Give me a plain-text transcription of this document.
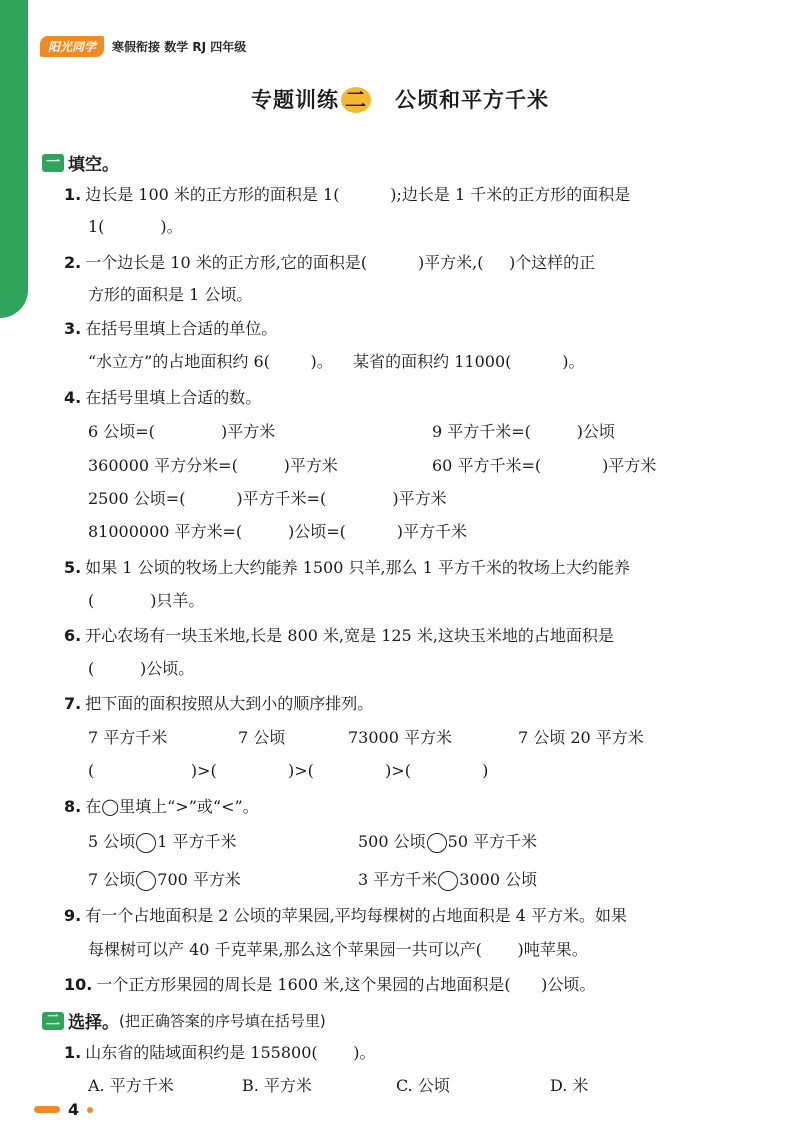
阳光同学	寒假衔接 数学 RJ 四年级
专题训练 二 公顷和平方千米
一 填空。
1. 边长是 100 米的正方形的面积是 1(          );边长是 1 千米的正方形的面积是
1(           )。
2. 一个边长是 10 米的正方形,它的面积是(          )平方米,(     )个这样的正
方形的面积是 1 公顷。
3. 在括号里填上合适的单位。
“水立方”的占地面积约 6(        )。    某省的面积约 11000(          )。
4. 在括号里填上合适的数。
6 公顷=(             )平方米	9 平方千米=(         )公顷
360000 平方分米=(         )平方米	60 平方千米=(            )平方米
2500 公顷=(          )平方千米=(             )平方米
81000000 平方米=(         )公顷=(          )平方千米
5. 如果 1 公顷的牧场上大约能养 1500 只羊,那么 1 平方千米的牧场上大约能养
(           )只羊。
6. 开心农场有一块玉米地,长是 800 米,宽是 125 米,这块玉米地的占地面积是
(         )公顷。
7. 把下面的面积按照从大到小的顺序排列。
7 平方千米	7 公顷	73000 平方米	7 公顷 20 平方米
(                   )>(              )>(              )>(              )
8. 在◯里填上“>”或“<”。
5 公顷 1 平方千米	500 公顷 50 平方千米
7 公顷 700 平方米	3 平方千米 3000 公顷
9. 有一个占地面积是 2 公顷的苹果园,平均每棵树的占地面积是 4 平方米。如果
每棵树可以产 40 千克苹果,那么这个苹果园一共可以产(       )吨苹果。
10. 一个正方形果园的周长是 1600 米,这个果园的占地面积是(      )公顷。
二 选择。 (把正确答案的序号填在括号里)
1. 山东省的陆域面积约是 155800(       )。
A. 平方千米	B. 平方米	C. 公顷	D. 米
4
